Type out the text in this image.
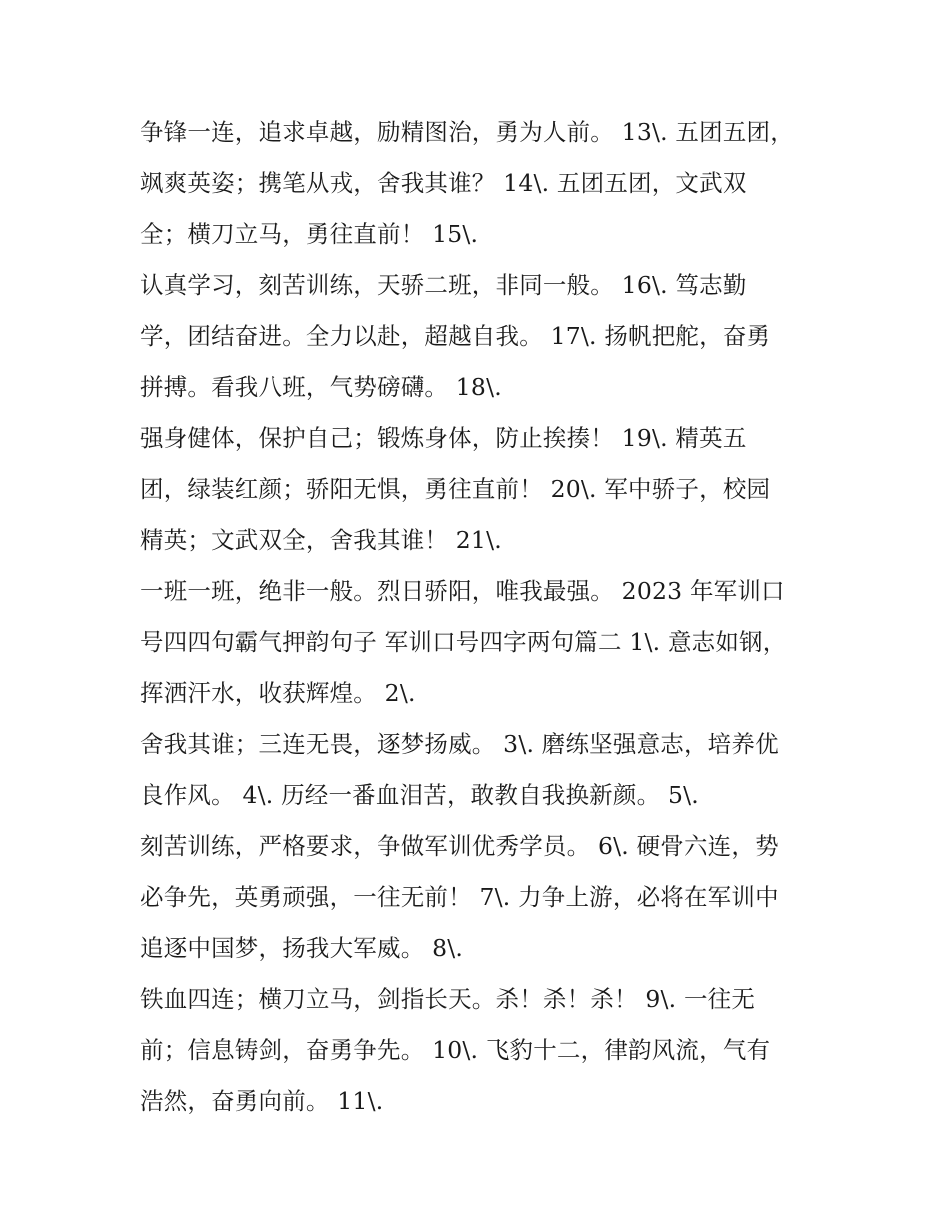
争锋一连，追求卓越，励精图治，勇为人前。 13\. 五团五团，
飒爽英姿；携笔从戎，舍我其谁？ 14\. 五团五团，文武双
全；横刀立马，勇往直前！ 15\.
认真学习，刻苦训练，天骄二班，非同一般。 16\. 笃志勤
学，团结奋进。全力以赴，超越自我。 17\. 扬帆把舵，奋勇
拼搏。看我八班，气势磅礴。 18\.
强身健体，保护自己；锻炼身体，防止挨揍！ 19\. 精英五
团，绿装红颜；骄阳无惧，勇往直前！ 20\. 军中骄子，校园
精英；文武双全，舍我其谁！ 21\.
一班一班，绝非一般。烈日骄阳，唯我最强。 2023 年军训口
号四四句霸气押韵句子 军训口号四字两句篇二 1\. 意志如钢，
挥洒汗水，收获辉煌。 2\.
舍我其谁；三连无畏，逐梦扬威。 3\. 磨练坚强意志，培养优
良作风。 4\. 历经一番血泪苦，敢教自我换新颜。 5\.
刻苦训练，严格要求，争做军训优秀学员。 6\. 硬骨六连，势
必争先，英勇顽强，一往无前！ 7\. 力争上游，必将在军训中
追逐中国梦，扬我大军威。 8\.
铁血四连；横刀立马，剑指长天。杀！杀！杀！ 9\. 一往无
前；信息铸剑，奋勇争先。 10\. 飞豹十二，律韵风流，气有
浩然，奋勇向前。 11\.
